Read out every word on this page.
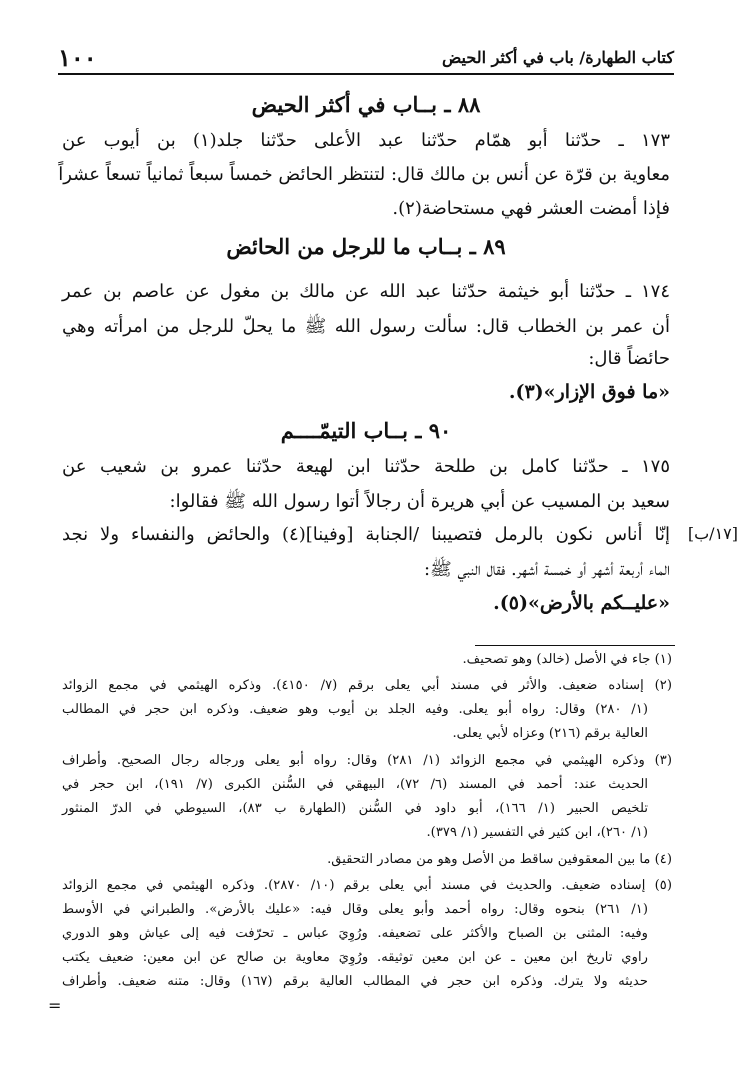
١٠٠	كتاب الطهارة/ باب في أكثر الحيض
٨٨ ـ بــاب في أكثر الحيض
١٧٣ ـ حدّثنا أبو همّام حدّثنا عبد الأعلى حدّثنا جلد(١) بن أيوب عن
معاوية بن قرّة عن أنس بن مالك قال: لتنتظر الحائض خمساً سبعاً ثمانياً تسعاً عشراً
فإذا أمضت العشر فهي مستحاضة(٢).
٨٩ ـ بــاب ما للرجل من الحائض
١٧٤ ـ حدّثنا أبو خيثمة حدّثنا عبد الله عن مالك بن مغول عن عاصم بن عمر
أن عمر بن الخطاب قال: سألت رسول الله ﷺ ما يحلّ للرجل من امرأته وهي
حائضاً قال:
«ما فوق الإزار»(٣).
٩٠ ـ بــاب التيمّــــم
١٧٥ ـ حدّثنا كامل بن طلحة حدّثنا ابن لهيعة حدّثنا عمرو بن شعيب عن
سعيد بن المسيب عن أبي هريرة أن رجالاً أتوا رسول الله ﷺ فقالوا:
إنّا أناس نكون بالرمل فتصيبنا /الجنابة [وفينا](٤) والحائض والنفساء ولا نجد
الماء أربعة أشهر أو خمسة أشهر. فقال النبي ﷺ:
«عليــكم بالأرض»(٥).
[١٧/ب]
(١) جاء في الأصل (خالد) وهو تصحيف.
(٢) إسناده ضعيف. والأثر في مسند أبي يعلى برقم (٧/ ٤١٥٠). وذكره الهيثمي في مجمع الزوائد
(١/ ٢٨٠) وقال: رواه أبو يعلى. وفيه الجلد بن أيوب وهو ضعيف. وذكره ابن حجر في المطالب
العالية برقم (٢١٦) وعزاه لأبي يعلى.
(٣) وذكره الهيثمي في مجمع الزوائد (١/ ٢٨١) وقال: رواه أبو يعلى ورجاله رجال الصحيح. وأطراف
الحديث عند: أحمد في المسند (٦/ ٧٢)، البيهقي في السُّنن الكبرى (٧/ ١٩١)، ابن حجر في
تلخيص الحبير (١/ ١٦٦)، أبو داود في السُّنن (الطهارة ب ٨٣)، السيوطي في الدرّ المنثور
(١/ ٢٦٠)، ابن كثير في التفسير (١/ ٣٧٩).
(٤) ما بين المعقوفين ساقط من الأصل وهو من مصادر التحقيق.
(٥) إسناده ضعيف. والحديث في مسند أبي يعلى برقم (١٠/ ٢٨٧٠). وذكره الهيثمي في مجمع الزوائد
(١/ ٢٦١) بنحوه وقال: رواه أحمد وأبو يعلى وقال فيه: «عليك بالأرض». والطبراني في الأوسط
وفيه: المثنى بن الصباح والأكثر على تضعيفه. ورُوِيَ عباس ـ تحرّفت فيه إلى عياش وهو الدوري
راوي تاريخ ابن معين ـ عن ابن معين توثيقه. ورُوِيَ معاوية بن صالح عن ابن معين: ضعيف يكتب
حديثه ولا يترك. وذكره ابن حجر في المطالب العالية برقم (١٦٧) وقال: متنه ضعيف. وأطراف
=
